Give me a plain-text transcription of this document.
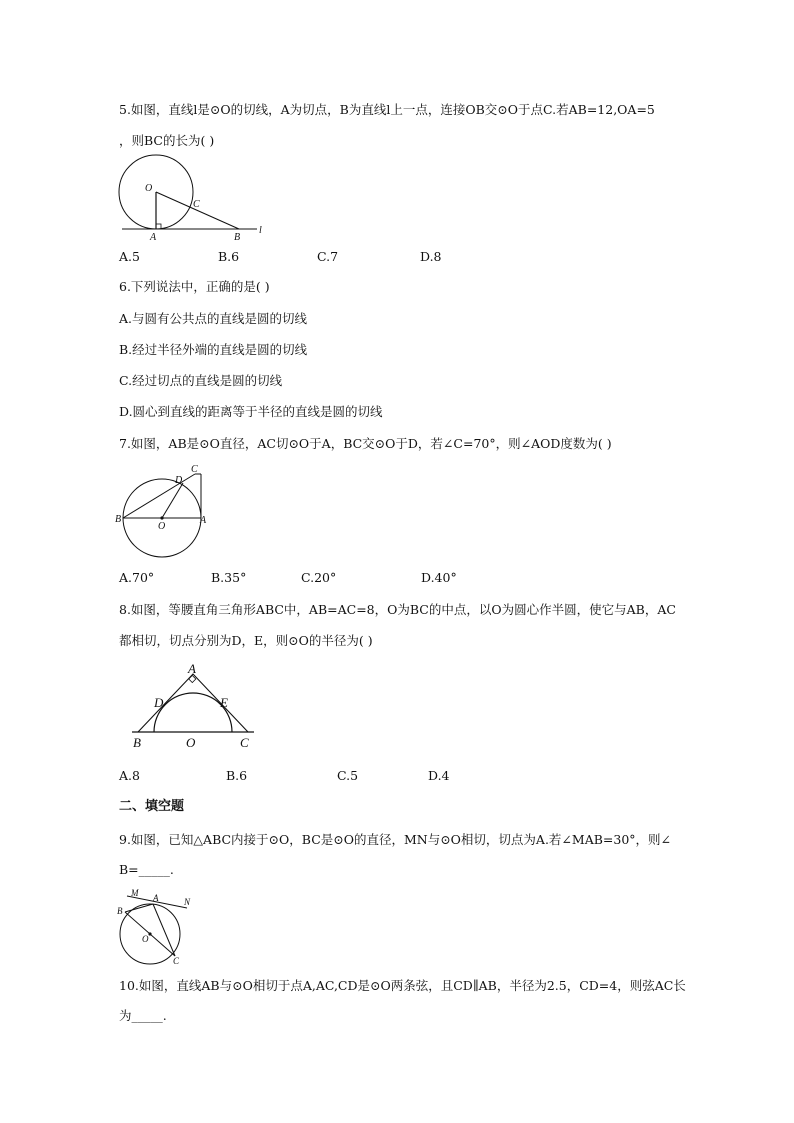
5.如图，直线l是⊙O的切线，A为切点，B为直线l上一点，连接OB交⊙O于点C.若AB=12,OA=5
，则BC的长为( )
O
A	B
C
l
A.5	B.6	C.7	D.8
6.下列说法中，正确的是( )
A.与圆有公共点的直线是圆的切线
B.经过半径外端的直线是圆的切线
C.经过切点的直线是圆的切线
D.圆心到直线的距离等于半径的直线是圆的切线
7.如图，AB是⊙O直径，AC切⊙O于A，BC交⊙O于D，若∠C=70°，则∠AOD度数为( )
B
O
A
D
C
A.70°	B.35°	C.20°	D.40°
8.如图，等腰直角三角形ABC中，AB=AC=8，O为BC的中点，以O为圆心作半圆，使它与AB，AC
都相切，切点分别为D，E，则⊙O的半径为( )
A
B	C
D	E
O
A.8	B.6	C.5	D.4
二、填空题
9.如图，已知△ABC内接于⊙O，BC是⊙O的直径，MN与⊙O相切，切点为A.若∠MAB=30°，则∠
B=_____.
M A	N
B
O
C
10.如图，直线AB与⊙O相切于点A,AC,CD是⊙O两条弦，且CD∥AB，半径为2.5，CD=4，则弦AC长
为_____.
